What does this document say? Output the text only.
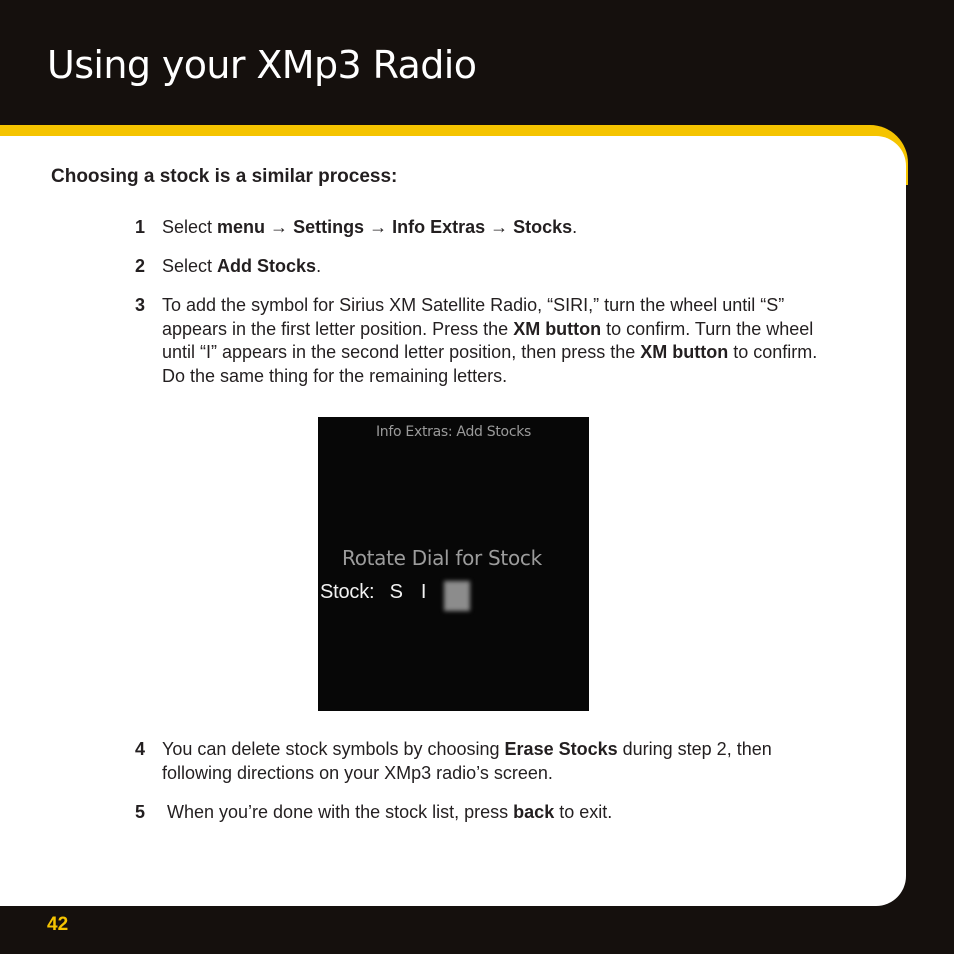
Using your XMp3 Radio
Choosing a stock is a similar process:
1 Select menu → Settings → Info Extras → Stocks.
2 Select Add Stocks.
3 To add the symbol for Sirius XM Satellite Radio, “SIRI,” turn the wheel until “S” appears in the first letter position. Press the XM button to confirm. Turn the wheel until “I” appears in the second letter position, then press the XM button to confirm. Do the same thing for the remaining letters.
Info Extras: Add Stocks
Rotate Dial for Stock
Stock: S I
4 You can delete stock symbols by choosing Erase Stocks during step 2, then following directions on your XMp3 radio’s screen.
5 When you’re done with the stock list, press back to exit.
42
